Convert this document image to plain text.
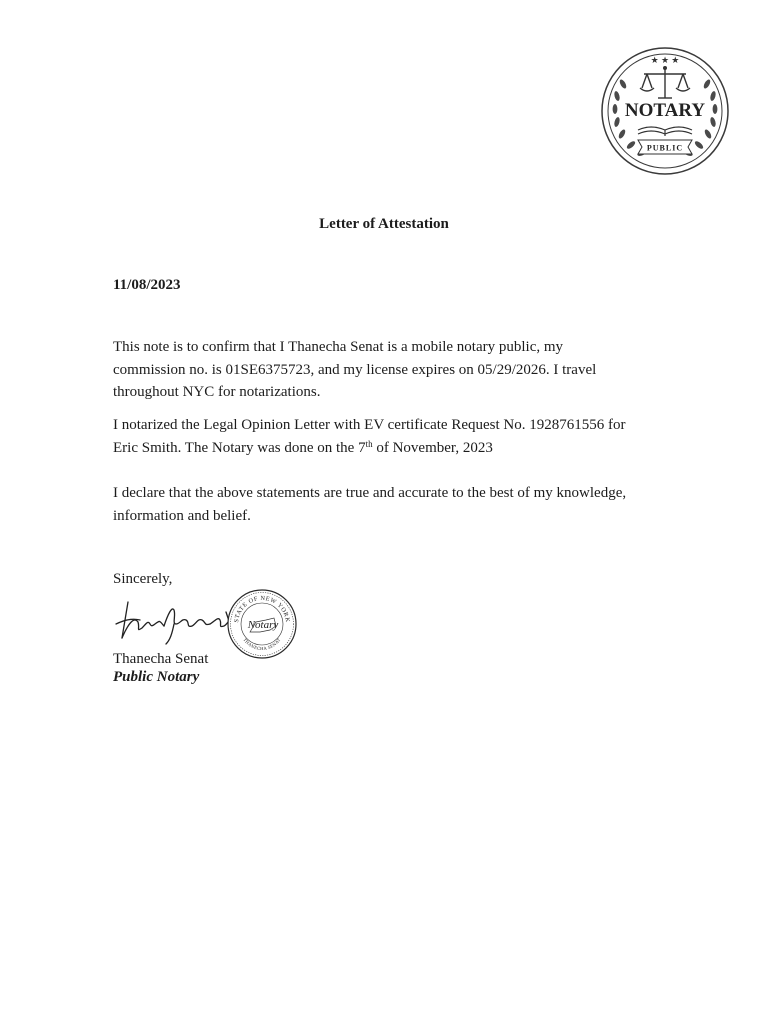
★ ★ ★
NOTARY
PUBLIC
Letter of Attestation
11/08/2023

This note is to confirm that I Thanecha Senat is a mobile notary public, my commission no. is 01SE6375723, and my license expires on 05/29/2026. I travel throughout NYC for notarizations.

I notarized the Legal Opinion Letter with EV certificate Request No. 1928761556 for Eric Smith. The Notary was done on the 7th of November, 2023

I declare that the above statements are true and accurate to the best of my knowledge, information and belief.

Sincerely,
STATE OF NEW YORK
THANECHA SENAT
Notary
Thanecha Senat
Public Notary
